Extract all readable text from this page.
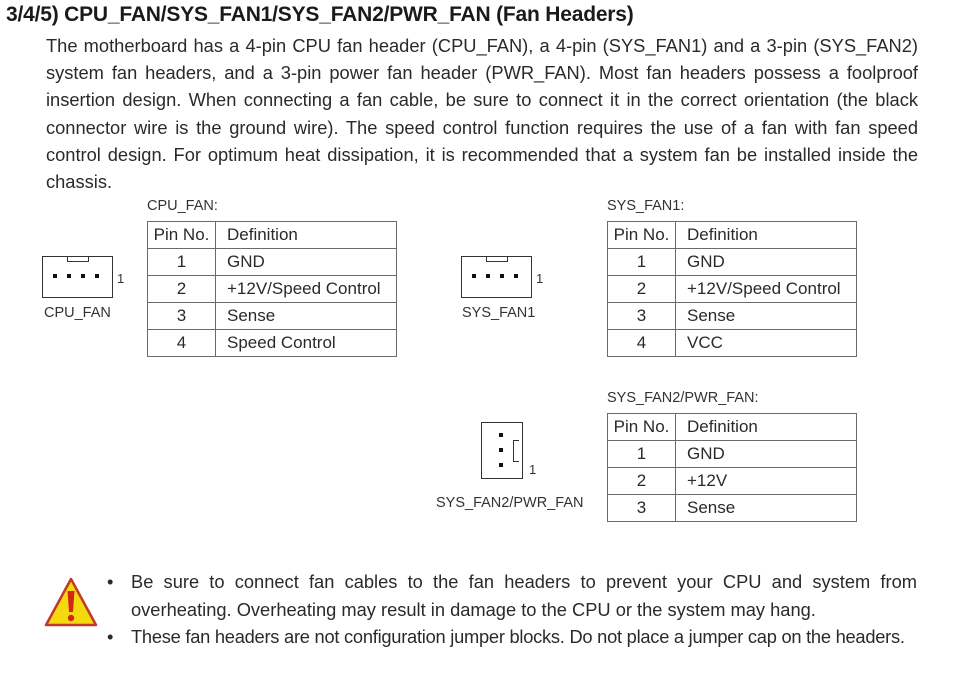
3/4/5) CPU_FAN/SYS_FAN1/SYS_FAN2/PWR_FAN (Fan Headers)
The motherboard has a 4-pin CPU fan header (CPU_FAN), a 4-pin (SYS_FAN1) and a 3-pin (SYS_FAN2) system fan headers, and a 3-pin power fan header (PWR_FAN). Most fan headers possess a foolproof insertion design. When connecting a fan cable, be sure to connect it in the correct orientation (the black connector wire is the ground wire). The speed control function requires the use of a fan with fan speed control design. For optimum heat dissipation, it is recommended that a system fan be installed inside the chassis.
CPU_FAN:
1
CPU_FAN
Pin No.	Definition
1	GND
2	+12V/Speed Control
3	Sense
4	Speed Control
SYS_FAN1:
1
SYS_FAN1
Pin No.	Definition
1	GND
2	+12V/Speed Control
3	Sense
4	VCC
SYS_FAN2/PWR_FAN:
1
SYS_FAN2/PWR_FAN
Pin No.	Definition
1	GND
2	+12V
3	Sense
• Be sure to connect fan cables to the fan headers to prevent your CPU and system from overheating. Overheating may result in damage to the CPU or the system may hang.
• These fan headers are not configuration jumper blocks. Do not place a jumper cap on the headers.
